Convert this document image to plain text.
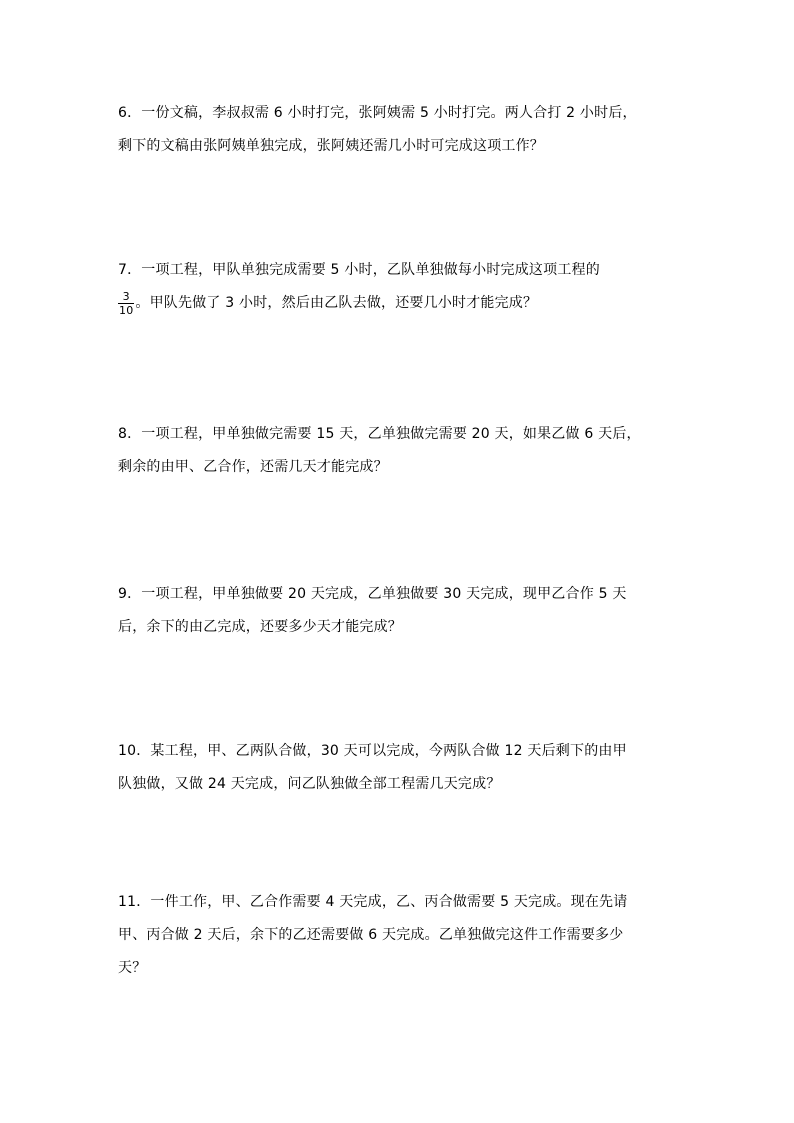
6．一份文稿，李叔叔需 6 小时打完，张阿姨需 5 小时打完。两人合打 2 小时后，
剩下的文稿由张阿姨单独完成，张阿姨还需几小时可完成这项工作？
7．一项工程，甲队单独完成需要 5 小时，乙队单独做每小时完成这项工程的
$\frac{3}{10}$ 。甲队先做了 3 小时，然后由乙队去做，还要几小时才能完成？
8．一项工程，甲单独做完需要 15 天，乙单独做完需要 20 天，如果乙做 6 天后，
剩余的由甲、乙合作，还需几天才能完成？
9．一项工程，甲单独做要 20 天完成，乙单独做要 30 天完成，现甲乙合作 5 天
后，余下的由乙完成，还要多少天才能完成？
10．某工程，甲、乙两队合做，30 天可以完成，今两队合做 12 天后剩下的由甲
队独做，又做 24 天完成，问乙队独做全部工程需几天完成？
11．一件工作，甲、乙合作需要 4 天完成，乙、丙合做需要 5 天完成。现在先请
甲、丙合做 2 天后，余下的乙还需要做 6 天完成。乙单独做完这件工作需要多少
天？
